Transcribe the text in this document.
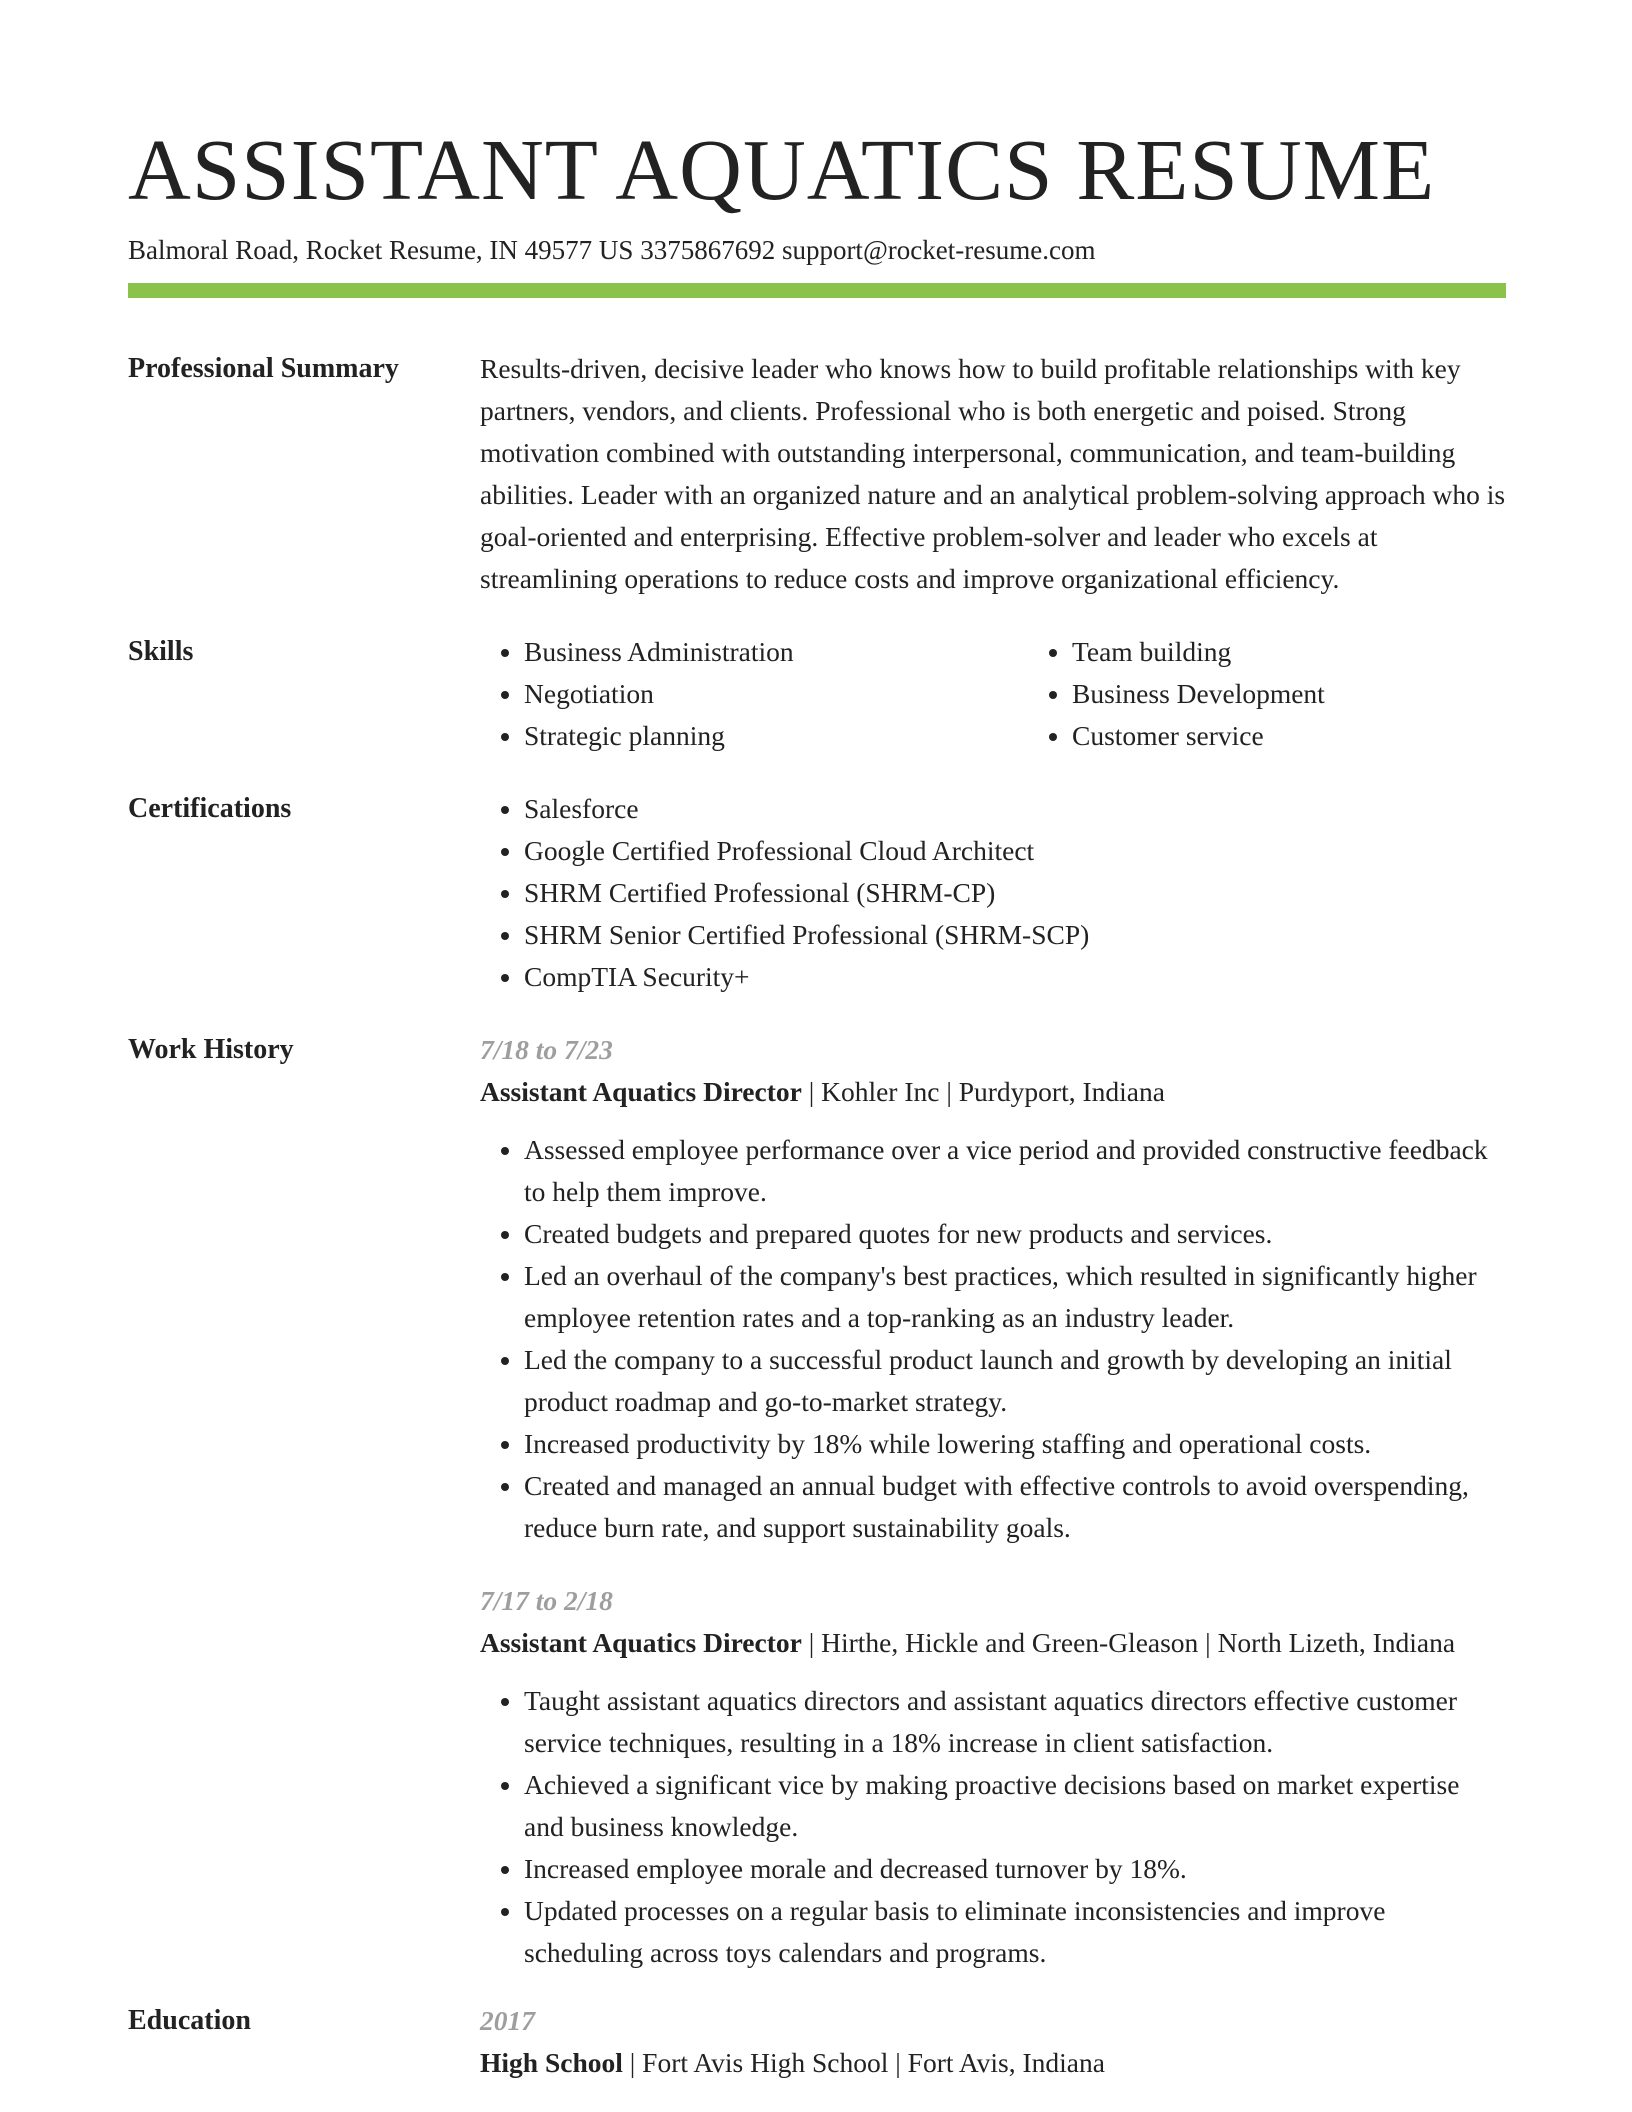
ASSISTANT AQUATICS RESUME
Balmoral Road, Rocket Resume, IN 49577 US 3375867692 support@rocket-resume.com
Professional Summary	Results-driven, decisive leader who knows how to build profitable relationships with key partners, vendors, and clients. Professional who is both energetic and poised. Strong motivation combined with outstanding interpersonal, communication, and team-building abilities. Leader with an organized nature and an analytical problem-solving approach who is goal-oriented and enterprising. Effective problem-solver and leader who excels at streamlining operations to reduce costs and improve organizational efficiency.
Skills	• Business Administration
• Negotiation
• Strategic planning
• Team building
• Business Development
• Customer service
Certifications	• Salesforce
• Google Certified Professional Cloud Architect
• SHRM Certified Professional (SHRM-CP)
• SHRM Senior Certified Professional (SHRM-SCP)
• CompTIA Security+
Work History	7/18 to 7/23
Assistant Aquatics Director | Kohler Inc | Purdyport, Indiana
• Assessed employee performance over a vice period and provided constructive feedback to help them improve.
• Created budgets and prepared quotes for new products and services.
• Led an overhaul of the company's best practices, which resulted in significantly higher employee retention rates and a top-ranking as an industry leader.
• Led the company to a successful product launch and growth by developing an initial product roadmap and go-to-market strategy.
• Increased productivity by 18% while lowering staffing and operational costs.
• Created and managed an annual budget with effective controls to avoid overspending, reduce burn rate, and support sustainability goals.
7/17 to 2/18
Assistant Aquatics Director | Hirthe, Hickle and Green-Gleason | North Lizeth, Indiana
• Taught assistant aquatics directors and assistant aquatics directors effective customer service techniques, resulting in a 18% increase in client satisfaction.
• Achieved a significant vice by making proactive decisions based on market expertise and business knowledge.
• Increased employee morale and decreased turnover by 18%.
• Updated processes on a regular basis to eliminate inconsistencies and improve scheduling across toys calendars and programs.
Education	2017
High School | Fort Avis High School | Fort Avis, Indiana
